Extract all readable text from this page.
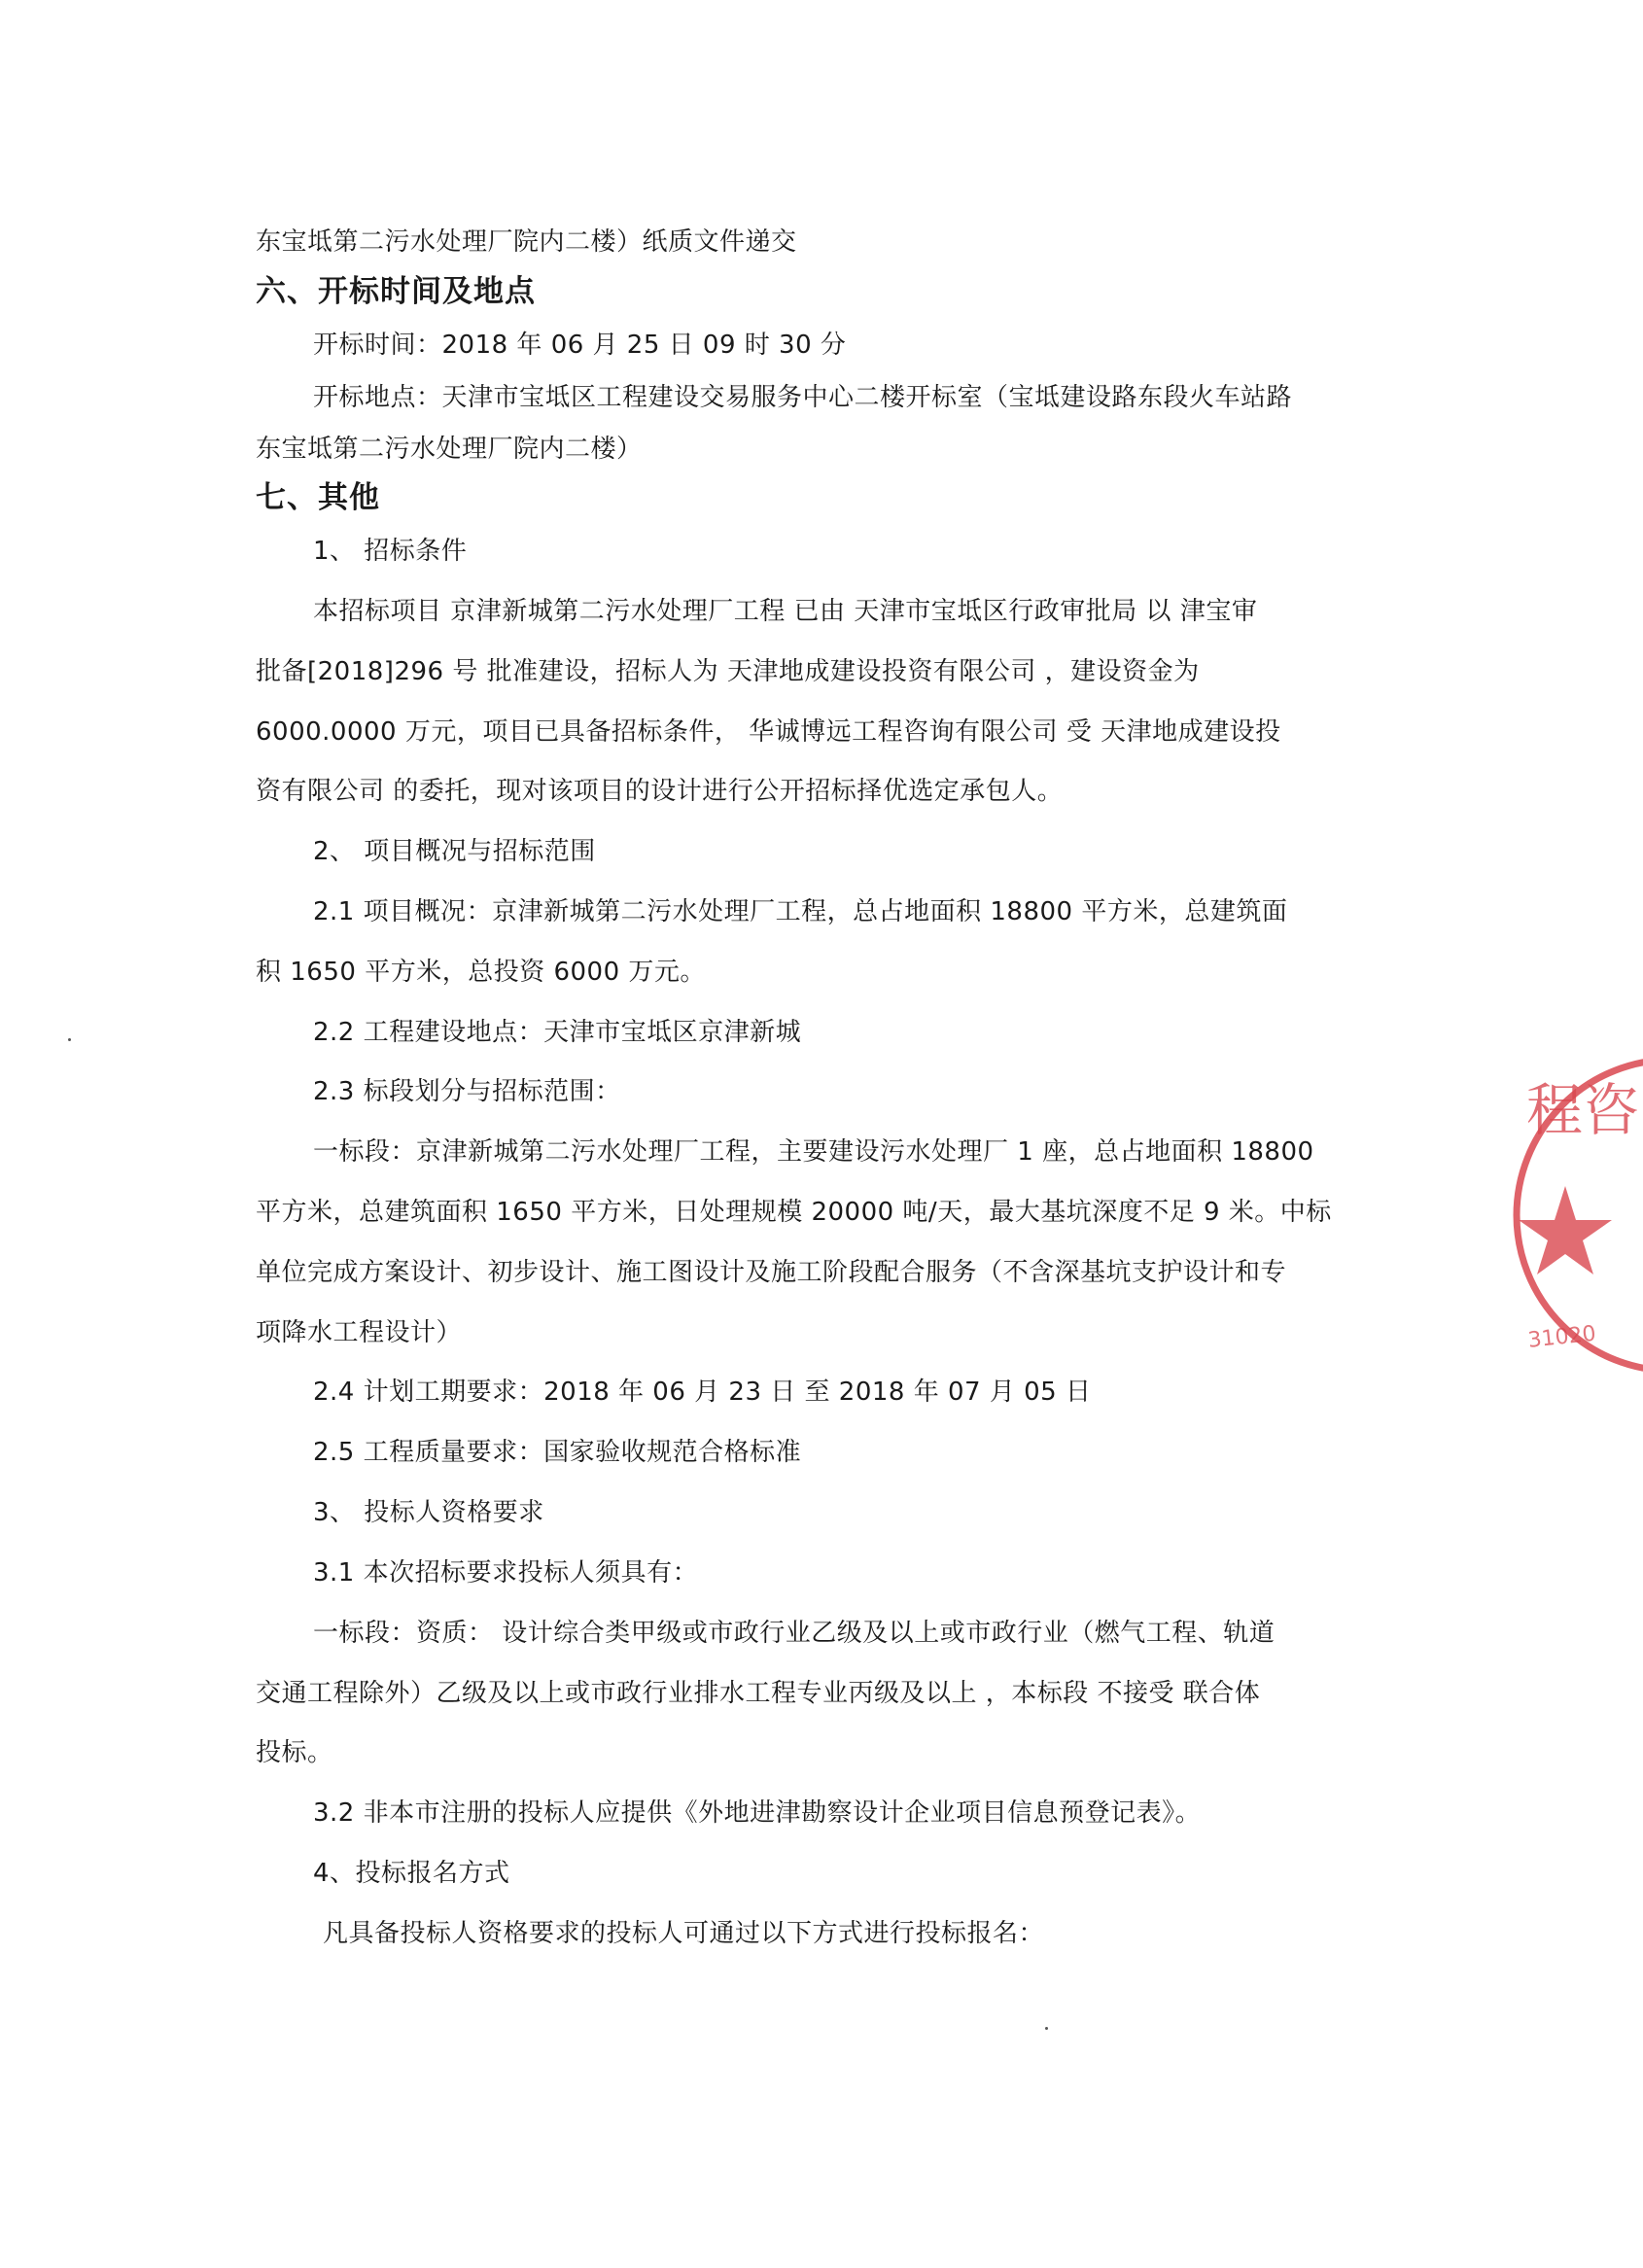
东宝坻第二污水处理厂院内二楼）纸质文件递交
六、开标时间及地点
开标时间：2018 年 06 月 25 日 09 时 30 分
开标地点：天津市宝坻区工程建设交易服务中心二楼开标室（宝坻建设路东段火车站路
东宝坻第二污水处理厂院内二楼）
七、其他
1、 招标条件
本招标项目 京津新城第二污水处理厂工程 已由 天津市宝坻区行政审批局 以 津宝审
批备[2018]296 号 批准建设，招标人为 天津地成建设投资有限公司 ，建设资金为
6000.0000 万元，项目已具备招标条件， 华诚博远工程咨询有限公司 受 天津地成建设投
资有限公司 的委托，现对该项目的设计进行公开招标择优选定承包人。
2、 项目概况与招标范围
2.1 项目概况：京津新城第二污水处理厂工程，总占地面积 18800 平方米，总建筑面
积 1650 平方米，总投资 6000 万元。
2.2 工程建设地点：天津市宝坻区京津新城
2.3 标段划分与招标范围：
一标段：京津新城第二污水处理厂工程，主要建设污水处理厂 1 座，总占地面积 18800
平方米，总建筑面积 1650 平方米，日处理规模 20000 吨/天，最大基坑深度不足 9 米。中标
单位完成方案设计、初步设计、施工图设计及施工阶段配合服务（不含深基坑支护设计和专
项降水工程设计）
2.4 计划工期要求：2018 年 06 月 23 日 至 2018 年 07 月 05 日
2.5 工程质量要求：国家验收规范合格标准
3、 投标人资格要求
3.1 本次招标要求投标人须具有：
一标段：资质： 设计综合类甲级或市政行业乙级及以上或市政行业（燃气工程、轨道
交通工程除外）乙级及以上或市政行业排水工程专业丙级及以上 ，本标段 不接受 联合体
投标。
3.2 非本市注册的投标人应提供《外地进津勘察设计企业项目信息预登记表》。
4、投标报名方式
凡具备投标人资格要求的投标人可通过以下方式进行投标报名：
程咨
31020
